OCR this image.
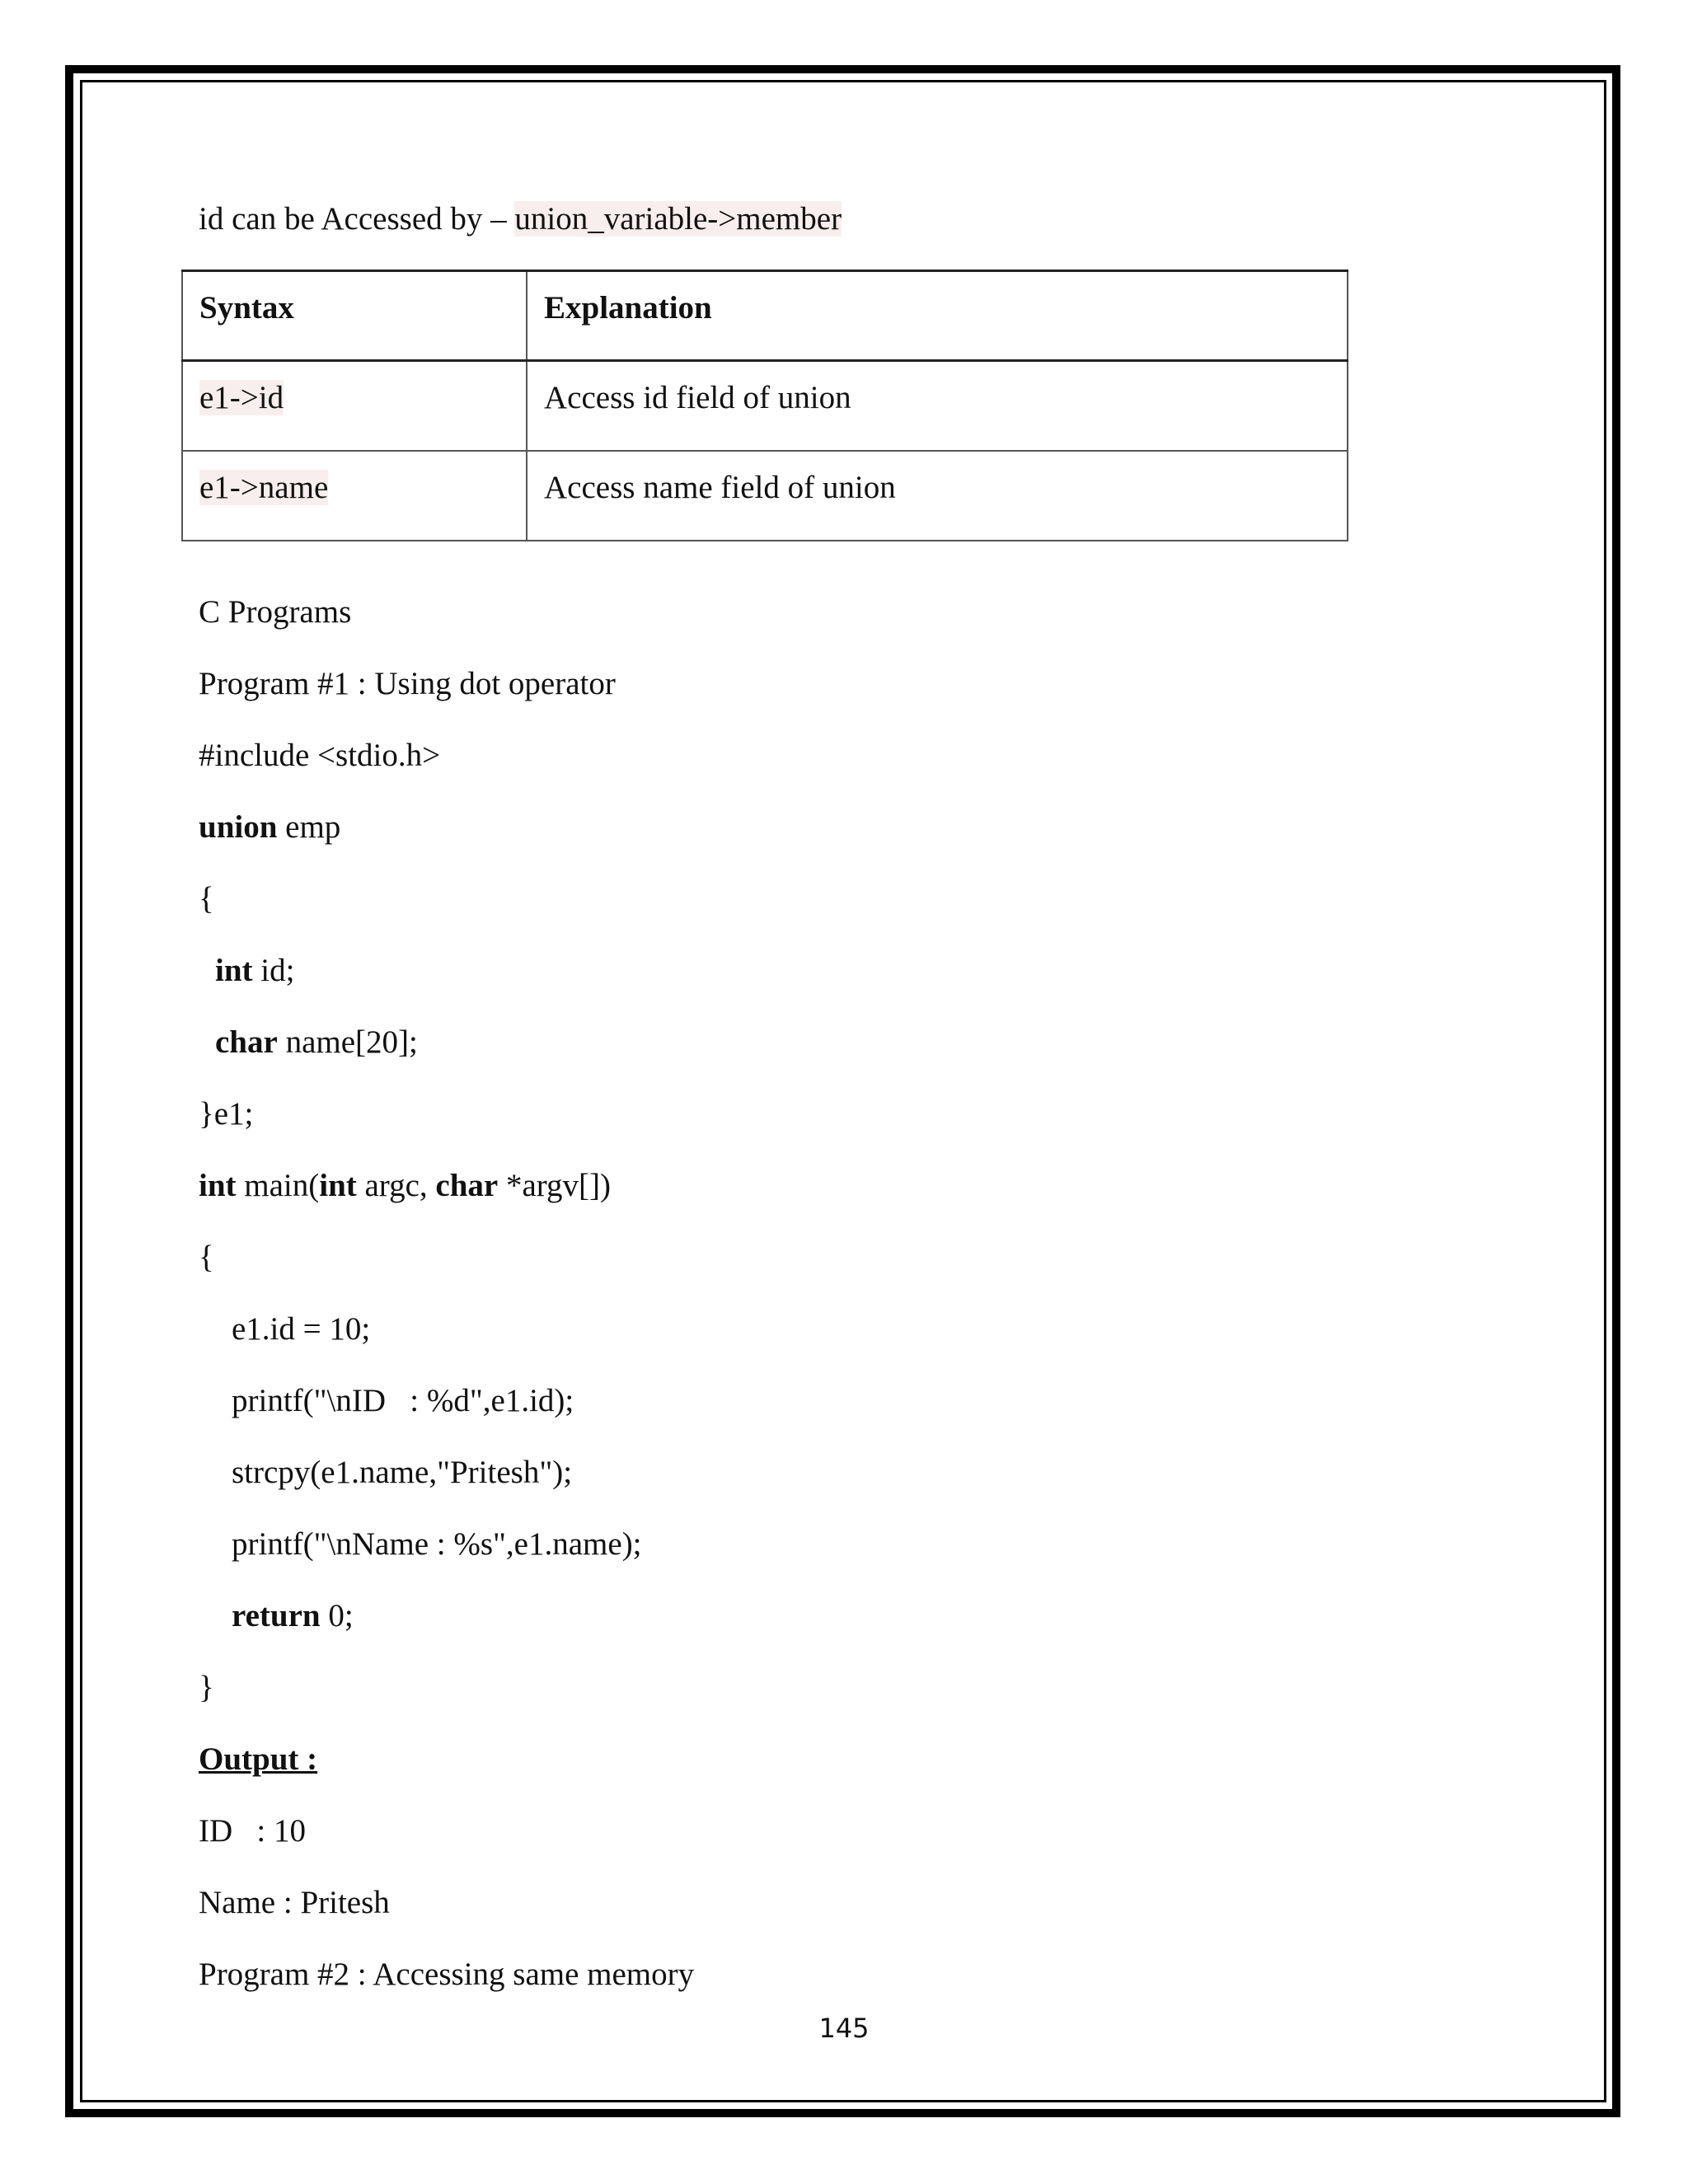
id can be Accessed by – union_variable->member
Syntax	Explanation
e1->id	Access id field of union
e1->name	Access name field of union
C Programs
Program #1 : Using dot operator
#include <stdio.h>
union emp
{
int id;
char name[20];
}e1;
int main(int argc, char *argv[])
{
e1.id = 10;
printf("\nID   : %d",e1.id);
strcpy(e1.name,"Pritesh");
printf("\nName : %s",e1.name);
return 0;
}
Output :
ID   : 10
Name : Pritesh
Program #2 : Accessing same memory
145
